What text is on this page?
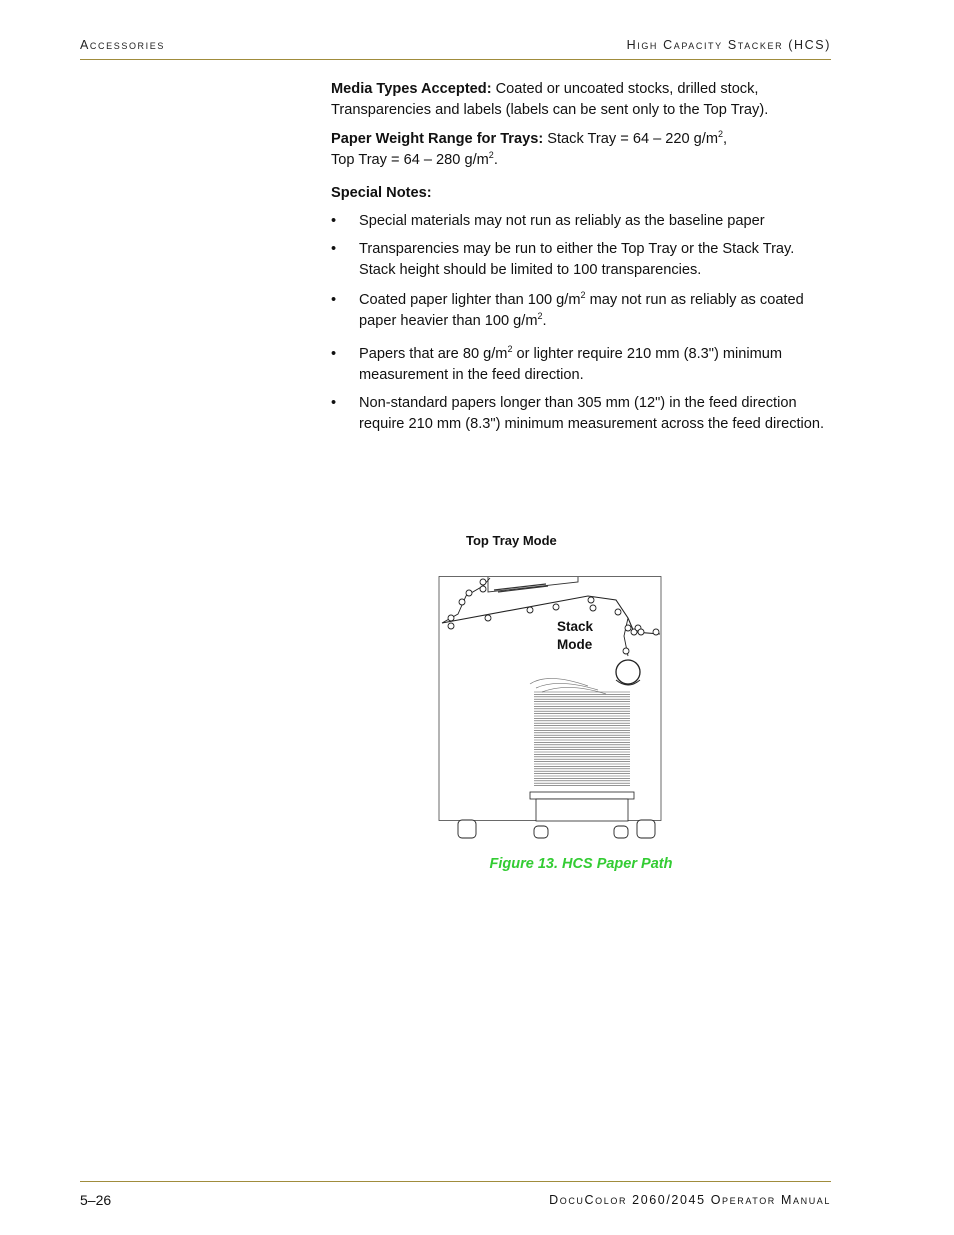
Accessories	High Capacity Stacker (HCS)

Media Types Accepted: Coated or uncoated stocks, drilled stock, Transparencies and labels (labels can be sent only to the Top Tray).

Paper Weight Range for Trays: Stack Tray = 64 – 220 $g/m^2$,
Top Tray = 64 – 280 $g/m^2$.

Special Notes:

• Special materials may not run as reliably as the baseline paper
• Transparencies may be run to either the Top Tray or the Stack Tray. Stack height should be limited to 100 transparencies.
• Coated paper lighter than 100 $g/m^2$ may not run as reliably as coated paper heavier than 100 $g/m^2$.
• Papers that are 80 $g/m^2$ or lighter require 210 mm (8.3") minimum measurement in the feed direction.
• Non-standard papers longer than 305 mm (12") in the feed direction require 210 mm (8.3") minimum measurement across the feed direction.
Top Tray Mode
Stack
Mode
Figure 13. HCS Paper Path
5–26	DocuColor 2060/2045 Operator Manual
